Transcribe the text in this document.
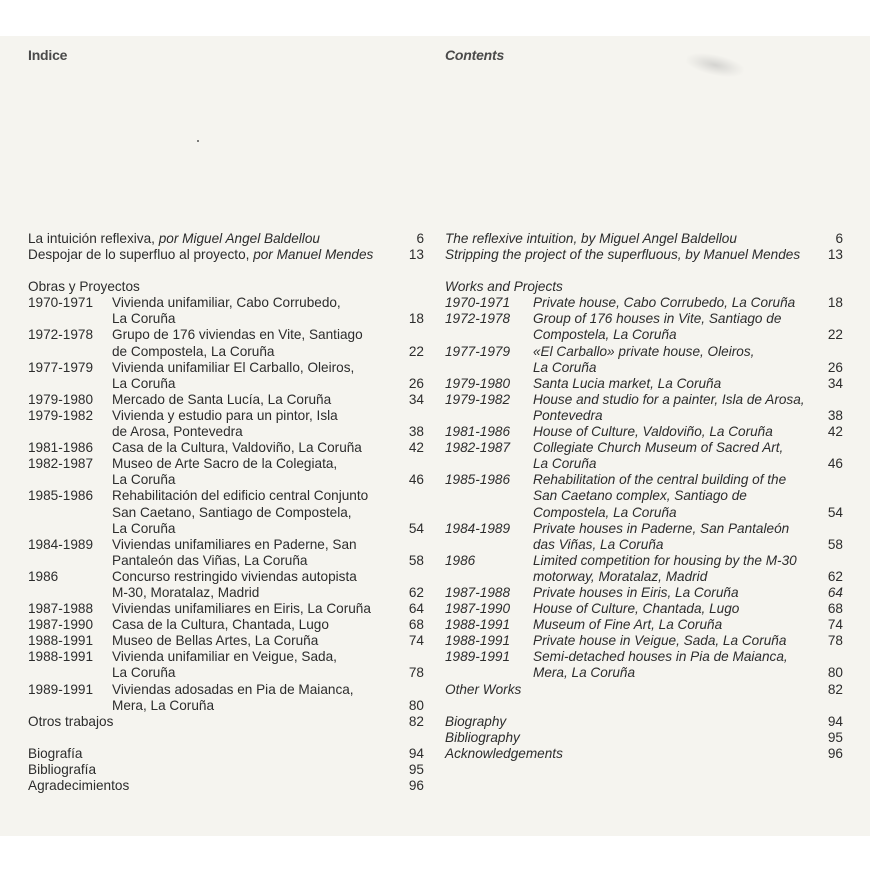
Indice	Contents
La intuición reflexiva, por Miguel Angel Baldellou	6
Despojar de lo superfluo al proyecto, por Manuel Mendes	13
Obras y Proyectos
1970-1971	Vivienda unifamiliar, Cabo Corrubedo,
La Coruña	18
1972-1978	Grupo de 176 viviendas en Vite, Santiago
de Compostela, La Coruña	22
1977-1979	Vivienda unifamiliar El Carballo, Oleiros,
La Coruña	26
1979-1980	Mercado de Santa Lucía, La Coruña	34
1979-1982	Vivienda y estudio para un pintor, Isla
de Arosa, Pontevedra	38
1981-1986	Casa de la Cultura, Valdoviño, La Coruña	42
1982-1987	Museo de Arte Sacro de la Colegiata,
La Coruña	46
1985-1986	Rehabilitación del edificio central Conjunto
San Caetano, Santiago de Compostela,
La Coruña	54
1984-1989	Viviendas unifamiliares en Paderne, San
Pantaleón das Viñas, La Coruña	58
1986	Concurso restringido viviendas autopista
M-30, Moratalaz, Madrid	62
1987-1988	Viviendas unifamiliares en Eiris, La Coruña	64
1987-1990	Casa de la Cultura, Chantada, Lugo	68
1988-1991	Museo de Bellas Artes, La Coruña	74
1988-1991	Vivienda unifamiliar en Veigue, Sada,
La Coruña	78
1989-1991	Viviendas adosadas en Pia de Maianca,
Mera, La Coruña	80
Otros trabajos	82
Biografía	94
Bibliografía	95
Agradecimientos	96
The reflexive intuition, by Miguel Angel Baldellou	6
Stripping the project of the superfluous, by Manuel Mendes	13
Works and Projects
1970-1971	Private house, Cabo Corrubedo, La Coruña	18
1972-1978	Group of 176 houses in Vite, Santiago de
Compostela, La Coruña	22
1977-1979	«El Carballo» private house, Oleiros,
La Coruña	26
1979-1980	Santa Lucia market, La Coruña	34
1979-1982	House and studio for a painter, Isla de Arosa,
Pontevedra	38
1981-1986	House of Culture, Valdoviño, La Coruña	42
1982-1987	Collegiate Church Museum of Sacred Art,
La Coruña	46
1985-1986	Rehabilitation of the central building of the
San Caetano complex, Santiago de
Compostela, La Coruña	54
1984-1989	Private houses in Paderne, San Pantaleón
das Viñas, La Coruña	58
1986	Limited competition for housing by the M-30
motorway, Moratalaz, Madrid	62
1987-1988	Private houses in Eiris, La Coruña	64
1987-1990	House of Culture, Chantada, Lugo	68
1988-1991	Museum of Fine Art, La Coruña	74
1988-1991	Private house in Veigue, Sada, La Coruña	78
1989-1991	Semi-detached houses in Pia de Maianca,
Mera, La Coruña	80
Other Works	82
Biography	94
Bibliography	95
Acknowledgements	96
